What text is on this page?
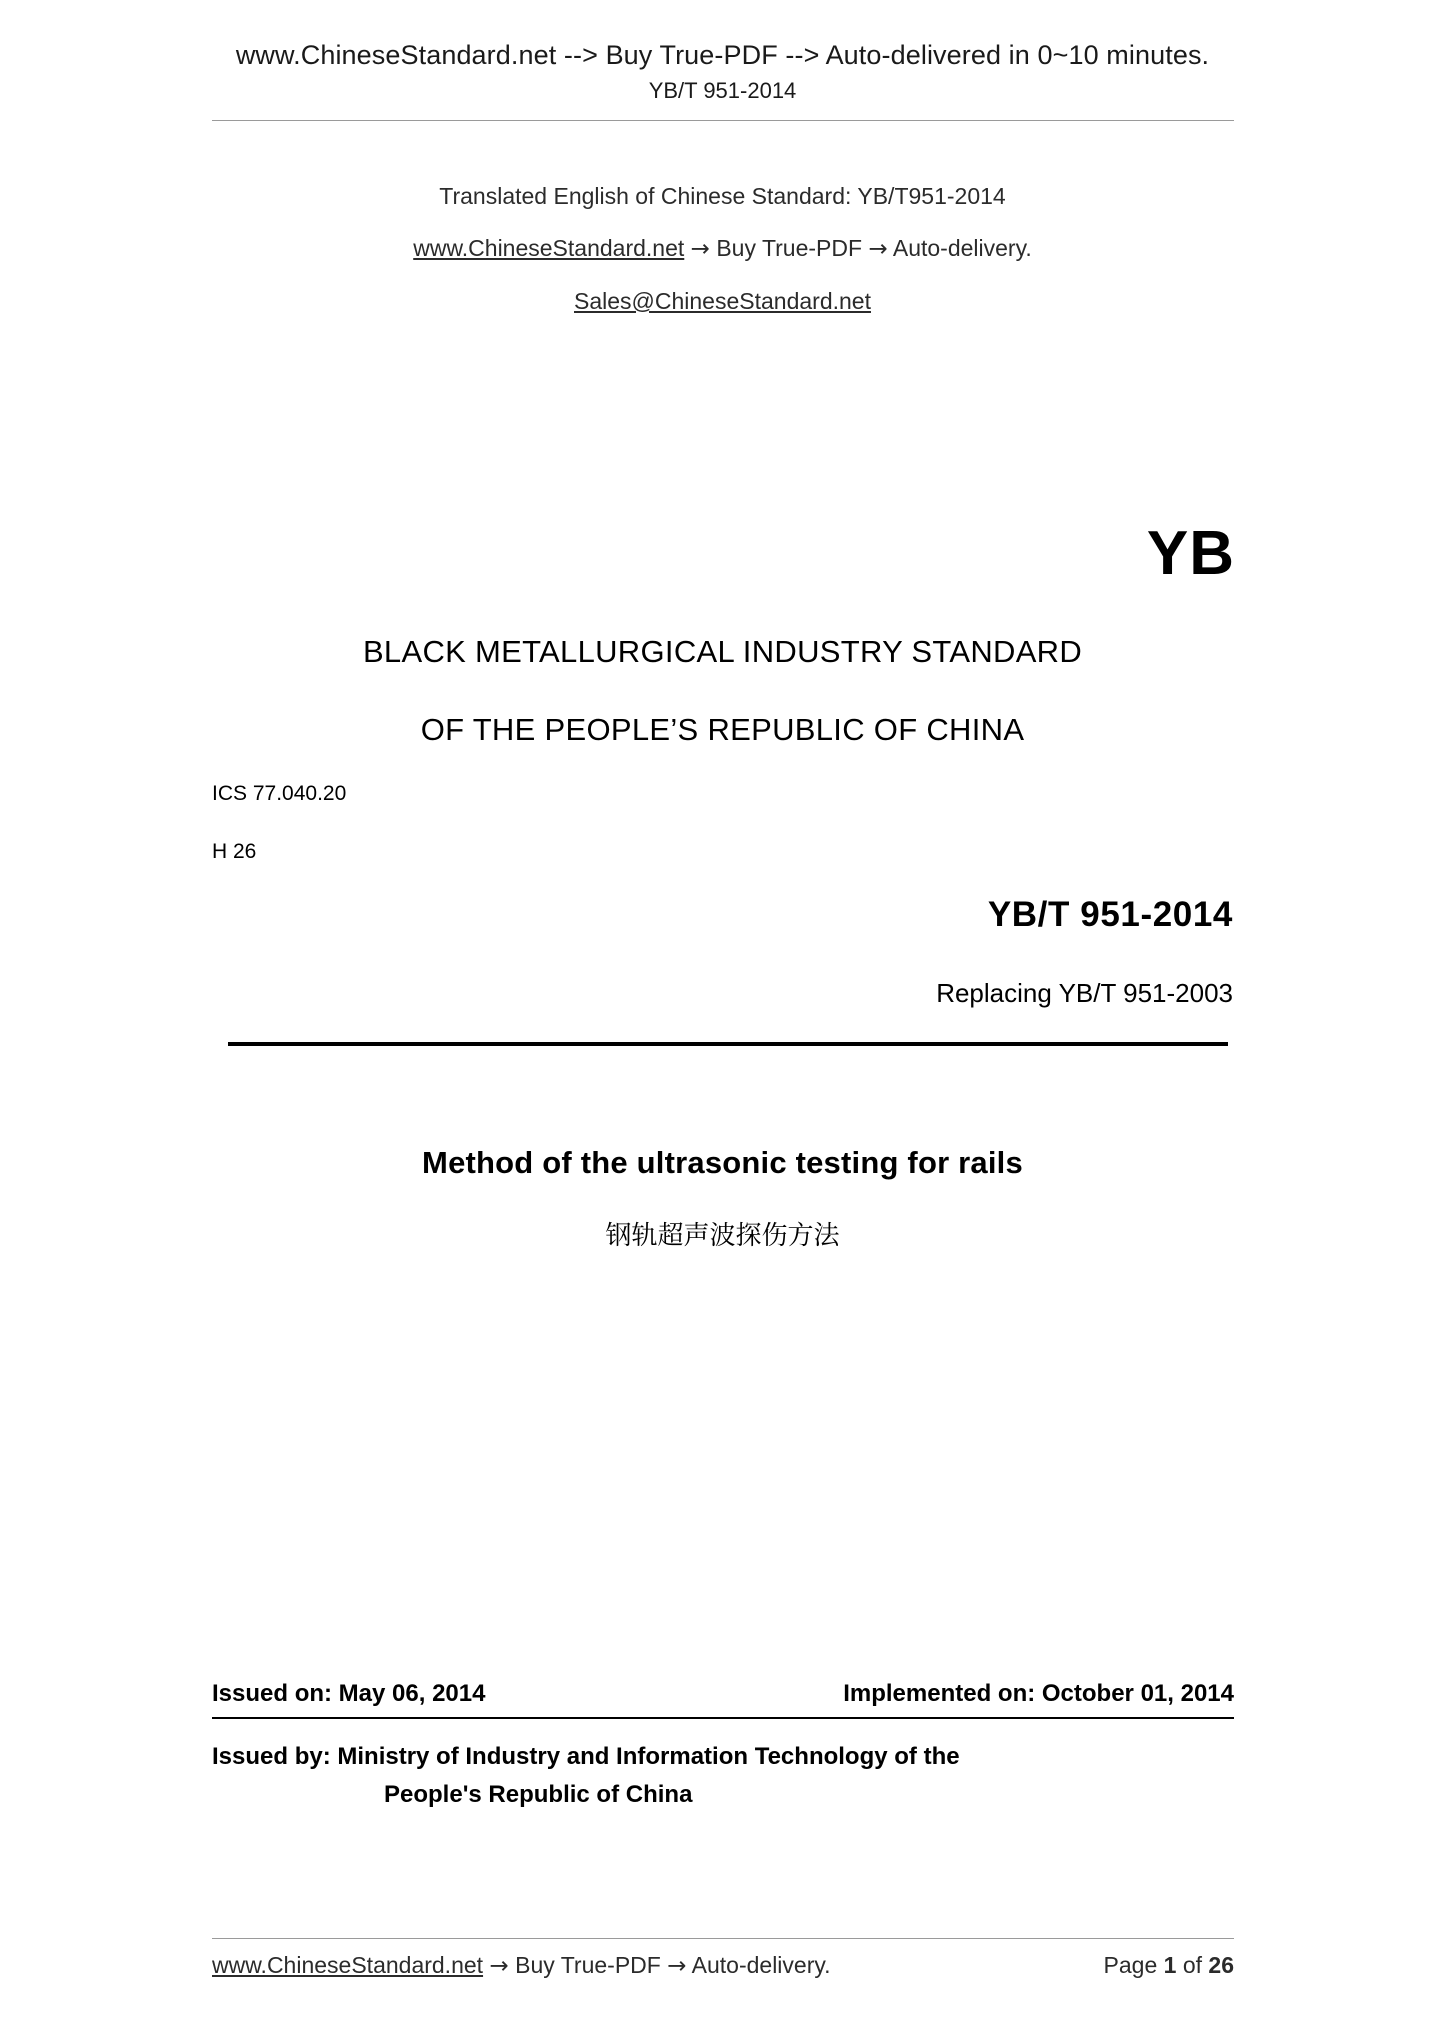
www.ChineseStandard.net --> Buy True-PDF --> Auto-delivered in 0~10 minutes.
YB/T 951-2014
Translated English of Chinese Standard: YB/T951-2014
www.ChineseStandard.net → Buy True-PDF → Auto-delivery.
Sales@ChineseStandard.net
YB
BLACK METALLURGICAL INDUSTRY STANDARD
OF THE PEOPLE’S REPUBLIC OF CHINA
ICS 77.040.20
H 26
YB/T 951-2014
Replacing YB/T 951-2003
Method of the ultrasonic testing for rails
钢轨超声波探伤方法
Issued on: May 06, 2014	Implemented on: October 01, 2014
Issued by: Ministry of Industry and Information Technology of the
People's Republic of China
www.ChineseStandard.net → Buy True-PDF → Auto-delivery.	Page 1 of 26
